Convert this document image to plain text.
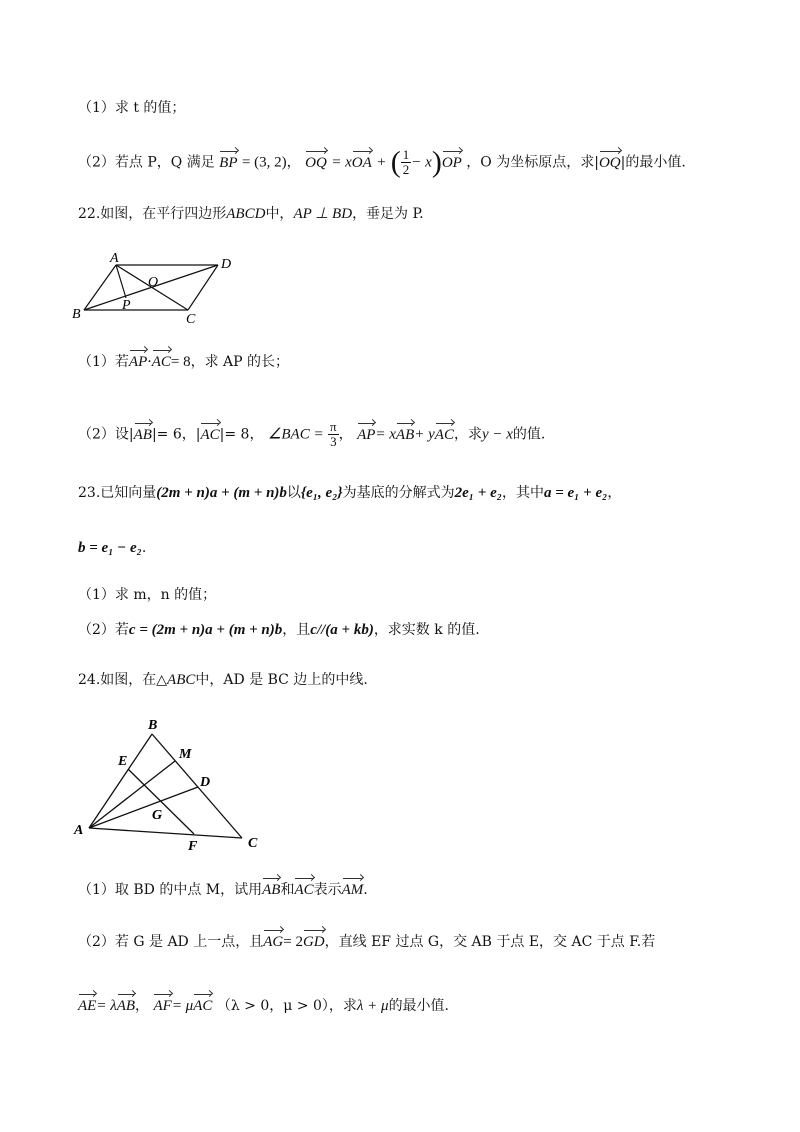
（1）求 t 的值；
（2）若点 P，Q 满足 BP = (3, 2)， OQ = xOA + ( $\frac{1}{2} - x)OP$ ，O 为坐标原点，求|OQ|的最小值.
22.如图，在平行四边形ABCD中，AP ⊥ BD，垂足为 P.
A	D
O
P
B	C
（1）若AP·AC= 8，求 AP 的长；
（2）设|AB|= 6，|AC|= 8， ∠BAC = $\frac{\pi}{3}$ ， AP= xAB+ yAC，求y − x的值.
23.已知向量(2m + n)a + (m + n)b以{e₁, e₂}为基底的分解式为2e₁ + e₂，其中a = e₁ + e₂，
b = e₁ − e₂.
（1）求 m，n 的值；
（2）若c = (2m + n)a + (m + n)b，且c//(a + kb)，求实数 k 的值.
24.如图，在△ABC中，AD 是 BC 边上的中线.
B
M
E
D
G
A
F	C
（1）取 BD 的中点 M，试用AB和AC表示AM.
（2）若 G 是 AD 上一点，且AG= 2GD，直线 EF 过点 G，交 AB 于点 E，交 AC 于点 F.若
AE= λAB， AF= μAC （λ > 0，μ > 0），求λ + μ的最小值.
